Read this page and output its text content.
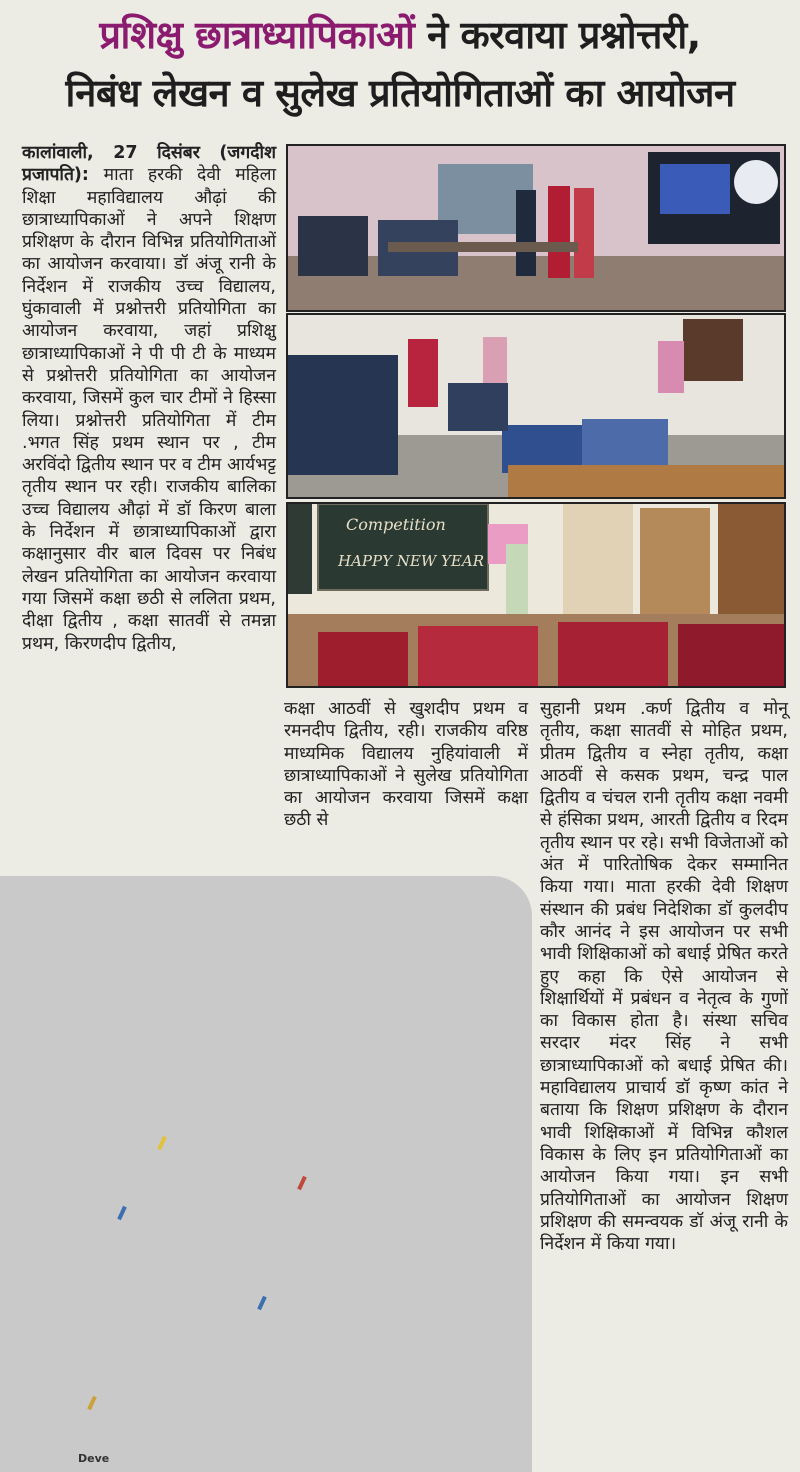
प्रशिक्षु छात्राध्यापिकाओं ने करवाया प्रश्नोत्तरी,
निबंध लेखन व सुलेख प्रतियोगिताओं का आयोजन

कालांवाली, 27 दिसंबर (जगदीश प्रजापति): माता हरकी देवी महिला शिक्षा महाविद्यालय औढ़ां की छात्राध्यापिकाओं ने अपने शिक्षण प्रशिक्षण के दौरान विभिन्न प्रतियोगिताओं का आयोजन करवाया। डॉ अंजू रानी के निर्देशन में राजकीय उच्च विद्यालय, घुंकावाली में प्रश्नोत्तरी प्रतियोगिता का आयोजन करवाया, जहां प्रशिक्षु छात्राध्यापिकाओं ने पी पी टी के माध्यम से प्रश्नोत्तरी प्रतियोगिता का आयोजन करवाया, जिसमें कुल चार टीमों ने हिस्सा लिया। प्रश्नोत्तरी प्रतियोगिता में टीम .भगत सिंह प्रथम स्थान पर , टीम अरविंदो द्वितीय स्थान पर व टीम आर्यभट्ट तृतीय स्थान पर रही। राजकीय बालिका उच्च विद्यालय औढ़ां में डॉ किरण बाला के निर्देशन में छात्राध्यापिकाओं द्वारा कक्षानुसार वीर बाल दिवस पर निबंध लेखन प्रतियोगिता का आयोजन करवाया गया जिसमें कक्षा छठी से ललिता प्रथम, दीक्षा द्वितीय , कक्षा सातवीं से तमन्ना प्रथम, किरणदीप द्वितीय,

Competition
HAPPY NEW YEAR

कक्षा आठवीं से खुशदीप प्रथम व रमनदीप द्वितीय, रही। राजकीय वरिष्ठ माध्यमिक विद्यालय नुहियांवाली में छात्राध्यापिकाओं ने सुलेख प्रतियोगिता का आयोजन करवाया जिसमें कक्षा छठी से

सुहानी प्रथम .कर्ण द्वितीय व मोनू तृतीय, कक्षा सातवीं से मोहित प्रथम, प्रीतम द्वितीय व स्नेहा तृतीय, कक्षा आठवीं से कसक प्रथम, चन्द्र पाल द्वितीय व चंचल रानी तृतीय कक्षा नवमी से हंसिका प्रथम, आरती द्वितीय व रिदम तृतीय स्थान पर रहे। सभी विजेताओं को अंत में पारितोषिक देकर सम्मानित किया गया। माता हरकी देवी शिक्षण संस्थान की प्रबंध निदेशिका डॉ कुलदीप कौर आनंद ने इस आयोजन पर सभी भावी शिक्षिकाओं को बधाई प्रेषित करते हुए कहा कि ऐसे आयोजन से शिक्षार्थियों में प्रबंधन व नेतृत्व के गुणों का विकास होता है। संस्था सचिव सरदार मंदर सिंह ने सभी छात्राध्यापिकाओं को बधाई प्रेषित की। महाविद्यालय प्राचार्य डॉ कृष्ण कांत ने बताया कि शिक्षण प्रशिक्षण के दौरान भावी शिक्षिकाओं में विभिन्न कौशल विकास के लिए इन प्रतियोगिताओं का आयोजन किया गया। इन सभी प्रतियोगिताओं का आयोजन शिक्षण प्रशिक्षण की समन्वयक डॉ अंजू रानी के निर्देशन में किया गया।

Deve
